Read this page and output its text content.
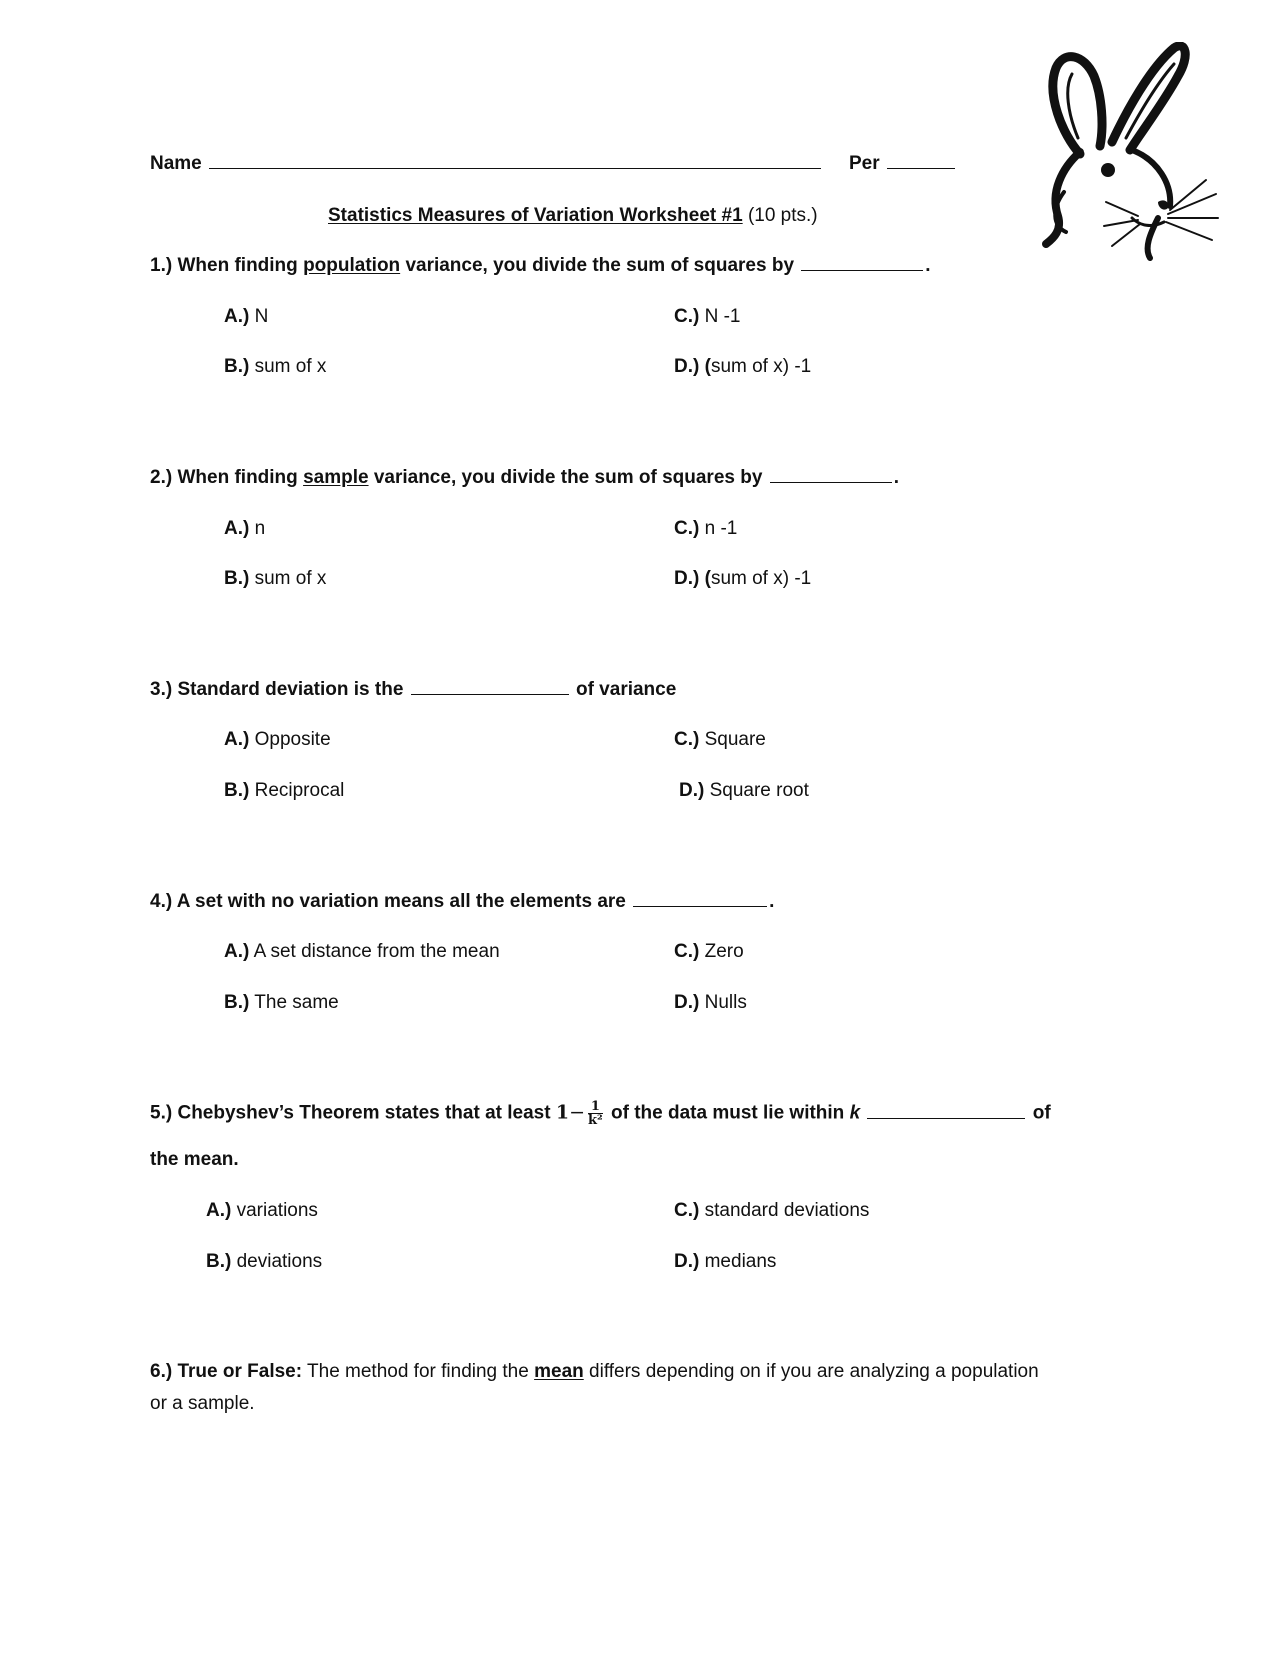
Name	Per
Statistics Measures of Variation Worksheet #1 (10 pts.)
1.) When finding population variance, you divide the sum of squares by	.
A.) N
B.) sum of x
C.) N -1
D.) (sum of x) -1
2.) When finding sample variance, you divide the sum of squares by	.
A.) n
B.) sum of x
C.) n -1
D.) (sum of x) -1
3.) Standard deviation is the	of variance
A.) Opposite
B.) Reciprocal
C.) Square
D.) Square root
4.) A set with no variation means all the elements are	.
A.) A set distance from the mean
B.) The same
C.) Zero
D.) Nulls
5.) Chebyshev’s Theorem states that at least $1- \frac{1}{\text{k²}}$ of the data must lie within k	of
the mean.
A.) variations
B.) deviations
C.) standard deviations
D.) medians
6.) True or False: The method for finding the mean differs depending on if you are analyzing a population or a sample.
